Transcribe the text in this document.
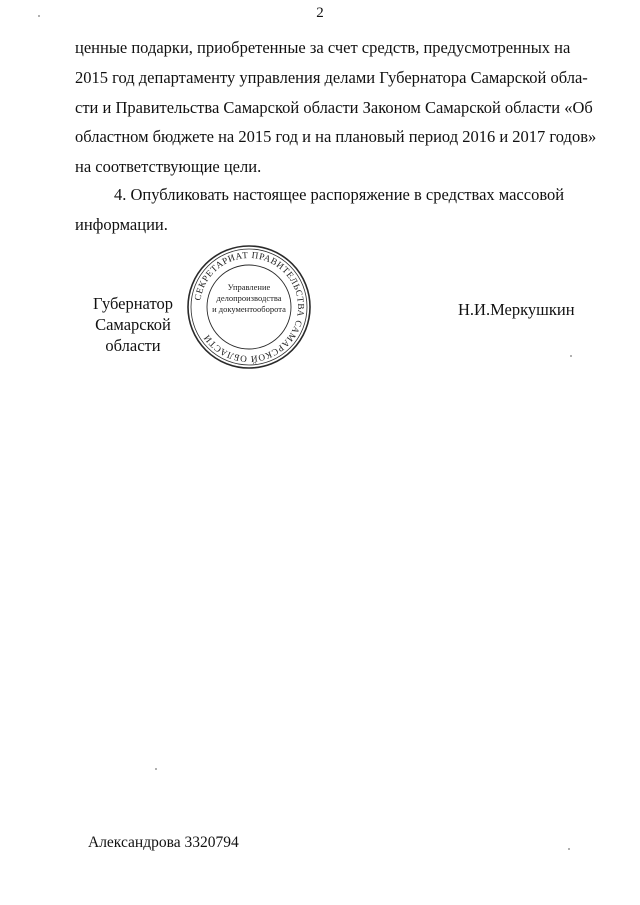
2
ценные подарки, приобретенные за счет средств, предусмотренных на
2015 год департаменту управления делами Губернатора Самарской обла-
сти и Правительства Самарской области Законом Самарской области «Об
областном бюджете на 2015 год и на плановый период 2016 и 2017 годов»
на соответствующие цели.
4. Опубликовать настоящее распоряжение в средствах массовой
информации.
Губернатор
Самарской области
СЕКРЕТАРИАТ ПРАВИТЕЛЬСТВА САМАРСКОЙ ОБЛАСТИ
Управление
делопроизводства
и документооборота	Н.И.Меркушкин
Александрова 3320794
